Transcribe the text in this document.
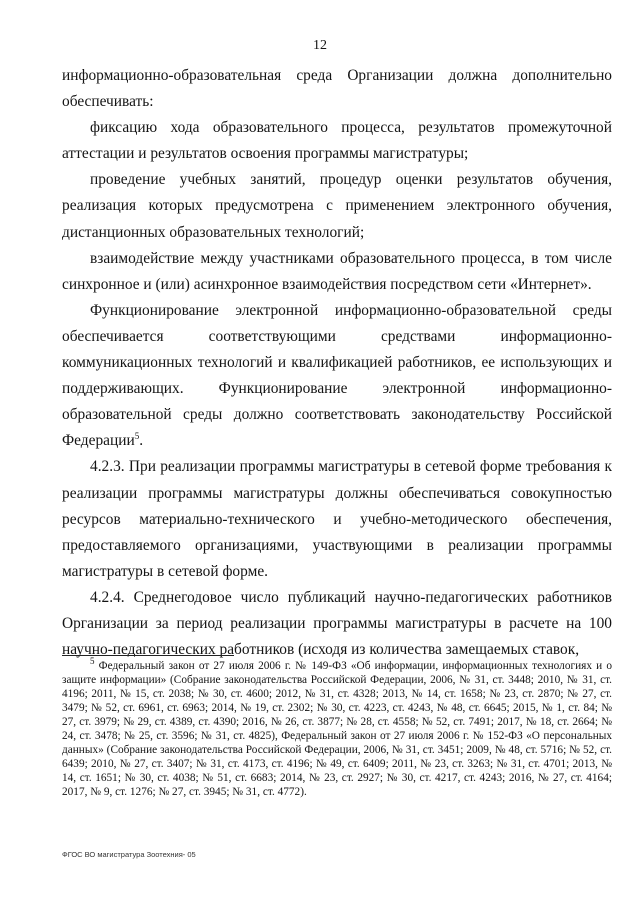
12

информационно-образовательная среда Организации должна дополнительно обеспечивать:

фиксацию хода образовательного процесса, результатов промежуточной аттестации и результатов освоения программы магистратуры;

проведение учебных занятий, процедур оценки результатов обучения, реализация которых предусмотрена с применением электронного обучения, дистанционных образовательных технологий;

взаимодействие между участниками образовательного процесса, в том числе синхронное и (или) асинхронное взаимодействия посредством сети «Интернет».

Функционирование электронной информационно-образовательной среды обеспечивается соответствующими средствами информационно-коммуникационных технологий и квалификацией работников, ее использующих и поддерживающих. Функционирование электронной информационно-образовательной среды должно соответствовать законодательству Российской Федерации$^5$.

4.2.3. При реализации программы магистратуры в сетевой форме требования к реализации программы магистратуры должны обеспечиваться совокупностью ресурсов материально-технического и учебно-методического обеспечения, предоставляемого организациями, участвующими в реализации программы магистратуры в сетевой форме.

4.2.4. Среднегодовое число публикаций научно-педагогических работников Организации за период реализации программы магистратуры в расчете на 100 научно-педагогических работников (исходя из количества замещаемых ставок,

$^5$ Федеральный закон от 27 июля 2006 г. № 149-ФЗ «Об информации, информационных технологиях и о защите информации» (Собрание законодательства Российской Федерации, 2006, № 31, ст. 3448; 2010, № 31, ст. 4196; 2011, № 15, ст. 2038; № 30, ст. 4600; 2012, № 31, ст. 4328; 2013, № 14, ст. 1658; № 23, ст. 2870; № 27, ст. 3479; № 52, ст. 6961, ст. 6963; 2014, № 19, ст. 2302; № 30, ст. 4223, ст. 4243, № 48, ст. 6645; 2015, № 1, ст. 84; № 27, ст. 3979; № 29, ст. 4389, ст. 4390; 2016, № 26, ст. 3877; № 28, ст. 4558; № 52, ст. 7491; 2017, № 18, ст. 2664; № 24, ст. 3478; № 25, ст. 3596; № 31, ст. 4825), Федеральный закон от 27 июля 2006 г. № 152-ФЗ «О персональных данных» (Собрание законодательства Российской Федерации, 2006, № 31, ст. 3451; 2009, № 48, ст. 5716; № 52, ст. 6439; 2010, № 27, ст. 3407; № 31, ст. 4173, ст. 4196; № 49, ст. 6409; 2011, № 23, ст. 3263; № 31, ст. 4701; 2013, № 14, ст. 1651; № 30, ст. 4038; № 51, ст. 6683; 2014, № 23, ст. 2927; № 30, ст. 4217, ст. 4243; 2016, № 27, ст. 4164; 2017, № 9, ст. 1276; № 27, ст. 3945; № 31, ст. 4772).
ФГОС ВО магистратура Зоотехния- 05
